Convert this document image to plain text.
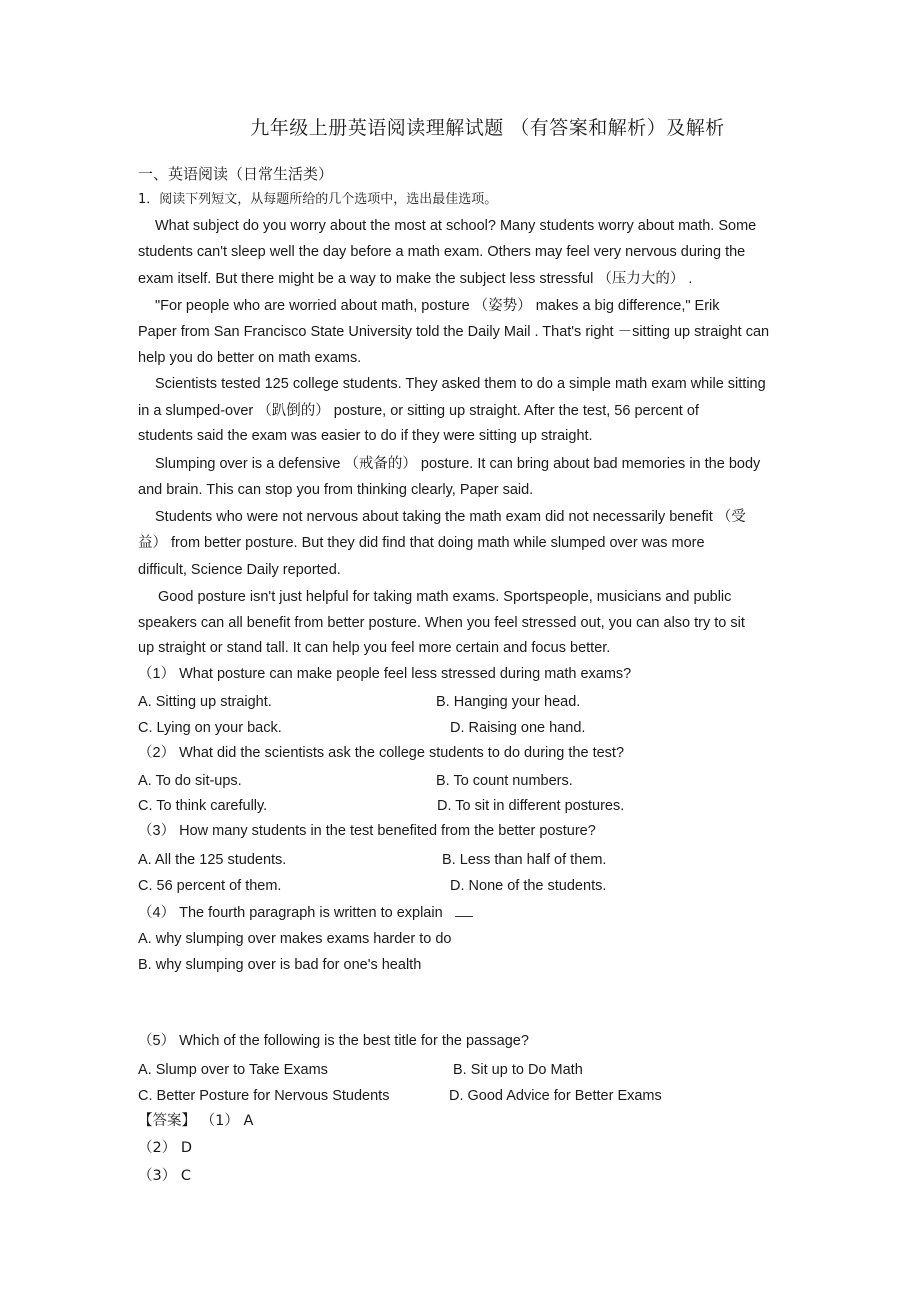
九年级上册英语阅读理解试题 （有答案和解析）及解析
一、英语阅读（日常生活类）
1．阅读下列短文，从每题所给的几个选项中，选出最佳选项。
What subject do you worry about the most at school? Many students worry about math. Some
students can't sleep well the day before a math exam. Others may feel very nervous during the
exam itself. But there might be a way to make the subject less stressful （压力大的） .
"For people who are worried about math, posture （姿势） makes a big difference," Erik
Paper from San Francisco State University told the Daily Mail . That's right －sitting up straight can
help you do better on math exams.
Scientists tested 125 college students. They asked them to do a simple math exam while sitting
in a slumped-over （趴倒的） posture, or sitting up straight. After the test, 56 percent of
students said the exam was easier to do if they were sitting up straight.
Slumping over is a defensive （戒备的） posture. It can bring about bad memories in the body
and brain. This can stop you from thinking clearly, Paper said.
Students who were not nervous about taking the math exam did not necessarily benefit （受
益） from better posture. But they did find that doing math while slumped over was more
difficult, Science Daily reported.
Good posture isn't just helpful for taking math exams. Sportspeople, musicians and public
speakers can all benefit from better posture. When you feel stressed out, you can also try to sit
up straight or stand tall. It can help you feel more certain and focus better.
（1） What posture can make people feel less stressed during math exams?
A. Sitting up straight.	B. Hanging your head.
C. Lying on your back.	D. Raising one hand.
（2） What did the scientists ask the college students to do during the test?
A. To do sit-ups.	B. To count numbers.
C. To think carefully.	D. To sit in different postures.
（3） How many students in the test benefited from the better posture?
A. All the 125 students.	B. Less than half of them.
C. 56 percent of them.	D. None of the students.
（4） The fourth paragraph is written to explain
A. why slumping over makes exams harder to do
B. why slumping over is bad for one's health
（5） Which of the following is the best title for the passage?
A. Slump over to Take Exams	B. Sit up to Do Math
C. Better Posture for Nervous Students	D. Good Advice for Better Exams
【答案】 （1） A
（2） D
（3） C
